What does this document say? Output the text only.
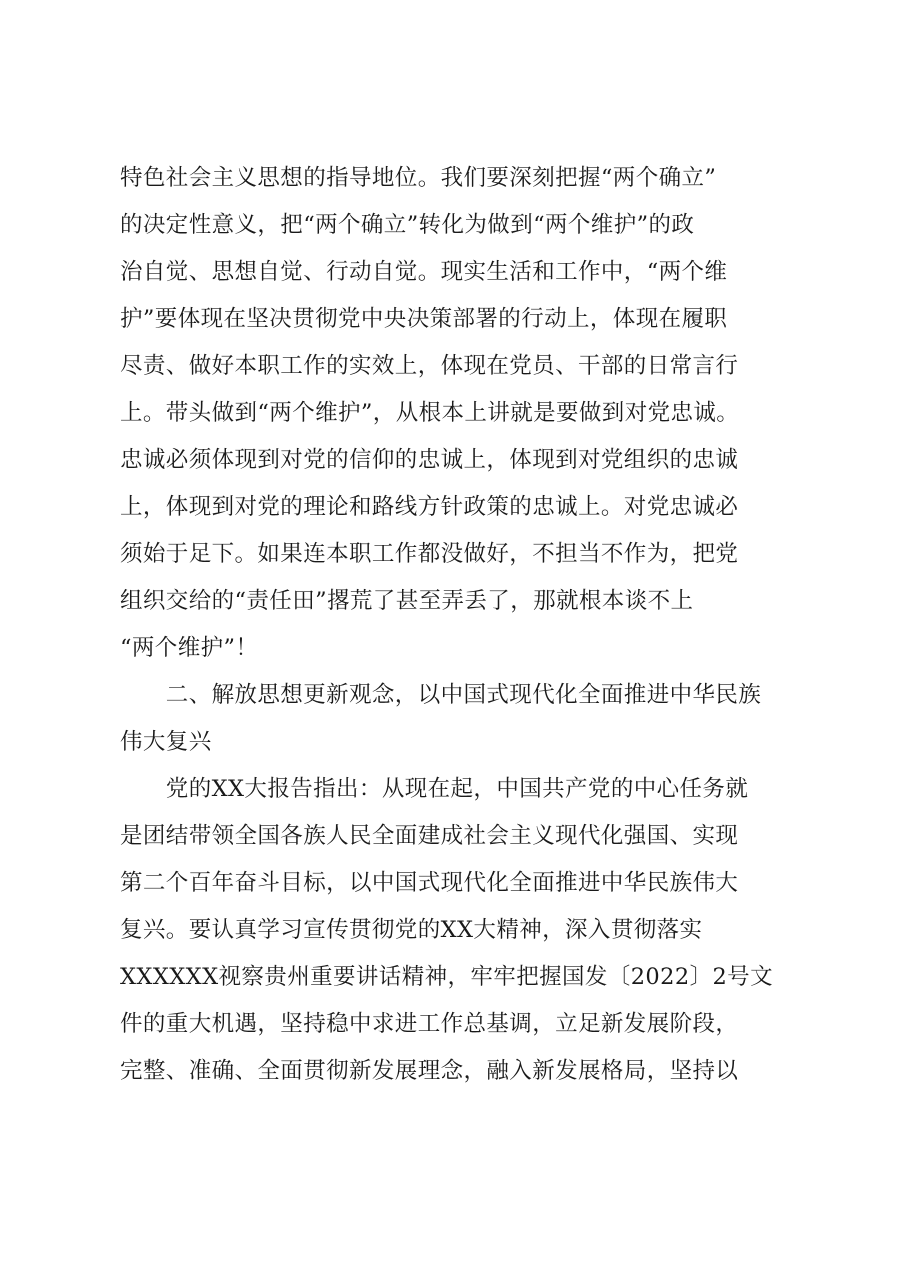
特色社会主义思想的指导地位。我们要深刻把握“两个确立”
的决定性意义，把“两个确立”转化为做到“两个维护”的政
治自觉、思想自觉、行动自觉。现实生活和工作中，“两个维
护”要体现在坚决贯彻党中央决策部署的行动上，体现在履职
尽责、做好本职工作的实效上，体现在党员、干部的日常言行
上。带头做到“两个维护”，从根本上讲就是要做到对党忠诚。
忠诚必须体现到对党的信仰的忠诚上，体现到对党组织的忠诚
上，体现到对党的理论和路线方针政策的忠诚上。对党忠诚必
须始于足下。如果连本职工作都没做好，不担当不作为，把党
组织交给的“责任田”撂荒了甚至弄丢了，那就根本谈不上
“两个维护”！
　　二、解放思想更新观念，以中国式现代化全面推进中华民族
伟大复兴
　　党的XX大报告指出：从现在起，中国共产党的中心任务就
是团结带领全国各族人民全面建成社会主义现代化强国、实现
第二个百年奋斗目标，以中国式现代化全面推进中华民族伟大
复兴。要认真学习宣传贯彻党的XX大精神，深入贯彻落实
XXXXXX视察贵州重要讲话精神，牢牢把握国发〔2022〕2号文
件的重大机遇，坚持稳中求进工作总基调，立足新发展阶段，
完整、准确、全面贯彻新发展理念，融入新发展格局，坚持以
